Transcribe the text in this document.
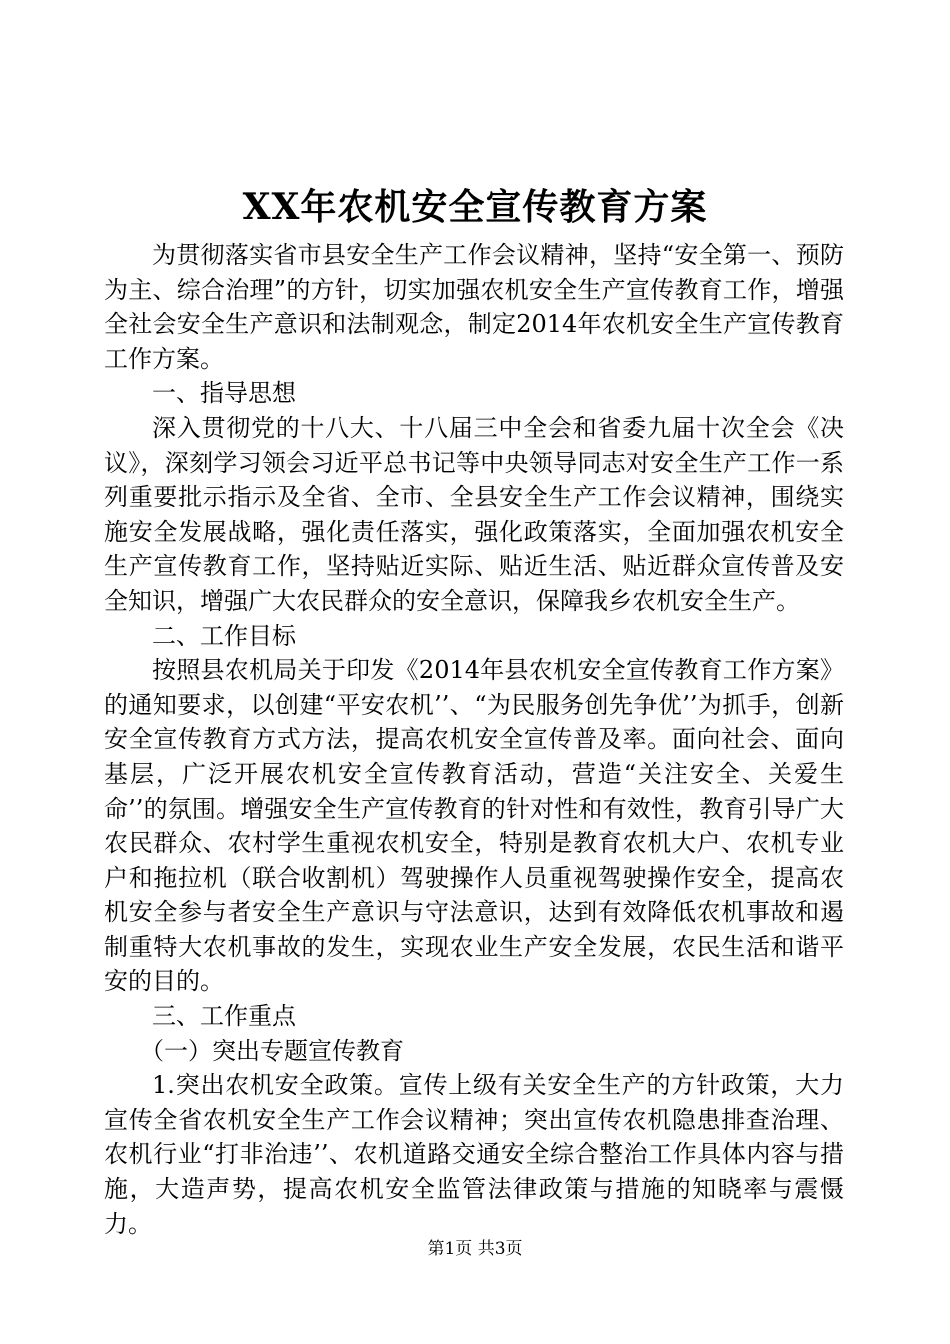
XX年农机安全宣传教育方案

为贯彻落实省市县安全生产工作会议精神，坚持“安全第一、预防为主、综合治理”的方针，切实加强农机安全生产宣传教育工作，增强全社会安全生产意识和法制观念，制定2014年农机安全生产宣传教育工作方案。

一、指导思想

深入贯彻党的十八大、十八届三中全会和省委九届十次全会《决议》，深刻学习领会习近平总书记等中央领导同志对安全生产工作一系列重要批示指示及全省、全市、全县安全生产工作会议精神，围绕实施安全发展战略，强化责任落实，强化政策落实，全面加强农机安全生产宣传教育工作，坚持贴近实际、贴近生活、贴近群众宣传普及安全知识，增强广大农民群众的安全意识，保障我乡农机安全生产。

二、工作目标

按照县农机局关于印发《2014年县农机安全宣传教育工作方案》的通知要求，以创建“平安农机’’、“为民服务创先争优’’为抓手，创新安全宣传教育方式方法，提高农机安全宣传普及率。面向社会、面向基层，广泛开展农机安全宣传教育活动，营造“关注安全、关爱生命’’的氛围。增强安全生产宣传教育的针对性和有效性，教育引导广大农民群众、农村学生重视农机安全，特别是教育农机大户、农机专业户和拖拉机（联合收割机）驾驶操作人员重视驾驶操作安全，提高农机安全参与者安全生产意识与守法意识，达到有效降低农机事故和遏制重特大农机事故的发生，实现农业生产安全发展，农民生活和谐平安的目的。

三、工作重点

（一）突出专题宣传教育

1.突出农机安全政策。宣传上级有关安全生产的方针政策，大力宣传全省农机安全生产工作会议精神；突出宣传农机隐患排查治理、农机行业“打非治违’’、农机道路交通安全综合整治工作具体内容与措施，大造声势，提高农机安全监管法律政策与措施的知晓率与震慑力。

第1页 共3页
